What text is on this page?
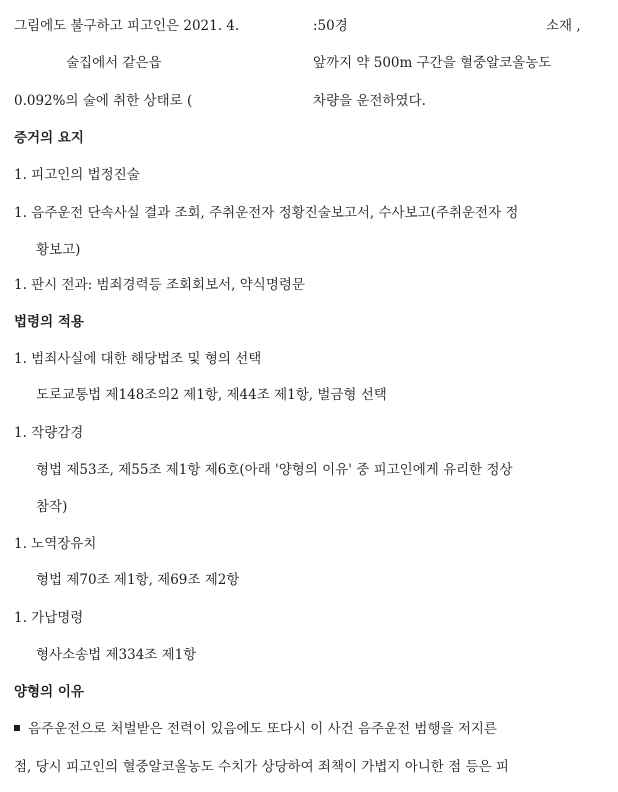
그림에도 불구하고 피고인은 2021. 4.	:50경	소재 ,
술집에서 같은읍	앞까지 약 500m 구간을 혈중알코올농도
0.092%의 술에 취한 상태로 (	차량을 운전하였다.
증거의 요지
1. 피고인의 법정진술
1. 음주운전 단속사실 결과 조회, 주취운전자 정황진술보고서, 수사보고(주취운전자 정
황보고)
1. 판시 전과: 범죄경력등 조회회보서, 약식명령문
법령의 적용
1. 범죄사실에 대한 해당법조 및 형의 선택
도로교통법 제148조의2 제1항, 제44조 제1항, 벌금형 선택
1. 작량감경
형법 제53조, 제55조 제1항 제6호(아래 '양형의 이유' 중 피고인에게 유리한 정상
참작)
1. 노역장유치
형법 제70조 제1항, 제69조 제2항
1. 가납명령
형사소송법 제334조 제1항
양형의 이유
음주운전으로 처벌받은 전력이 있음에도 또다시 이 사건 음주운전 범행을 저지른
점, 당시 피고인의 혈중알코올농도 수치가 상당하여 죄책이 가볍지 아니한 점 등은 피
